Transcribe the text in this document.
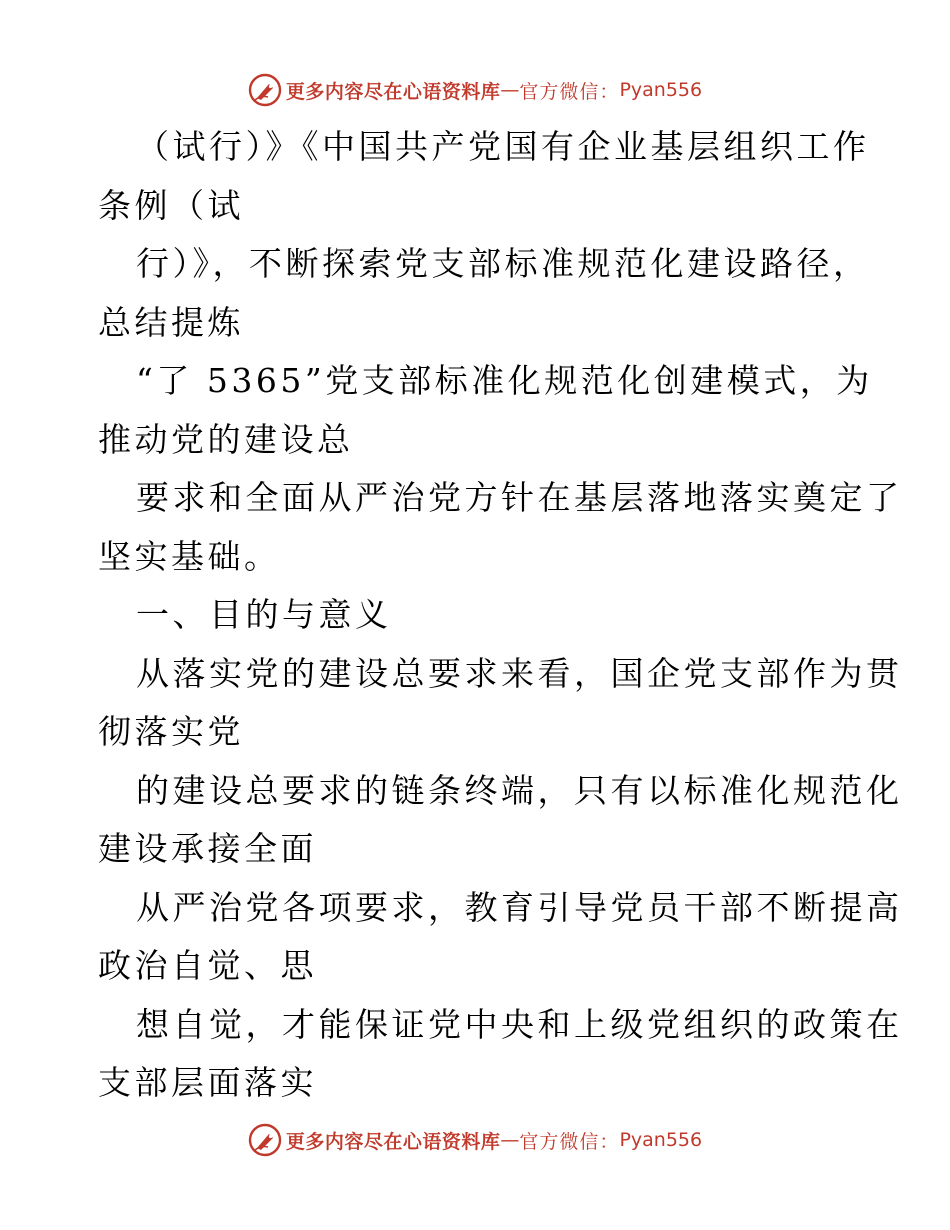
更多内容尽在心语资料库 — 官方微信： Pyan556
（试行）》《中国共产党国有企业基层组织工作
条例（试
行）》，不断探索党支部标准规范化建设路径，
总结提炼
“了 5365”党支部标准化规范化创建模式，为
推动党的建设总
要求和全面从严治党方针在基层落地落实奠定了
坚实基础。
一、目的与意义
从落实党的建设总要求来看，国企党支部作为贯
彻落实党
的建设总要求的链条终端，只有以标准化规范化
建设承接全面
从严治党各项要求，教育引导党员干部不断提高
政治自觉、思
想自觉，才能保证党中央和上级党组织的政策在
支部层面落实
更多内容尽在心语资料库 — 官方微信： Pyan556
